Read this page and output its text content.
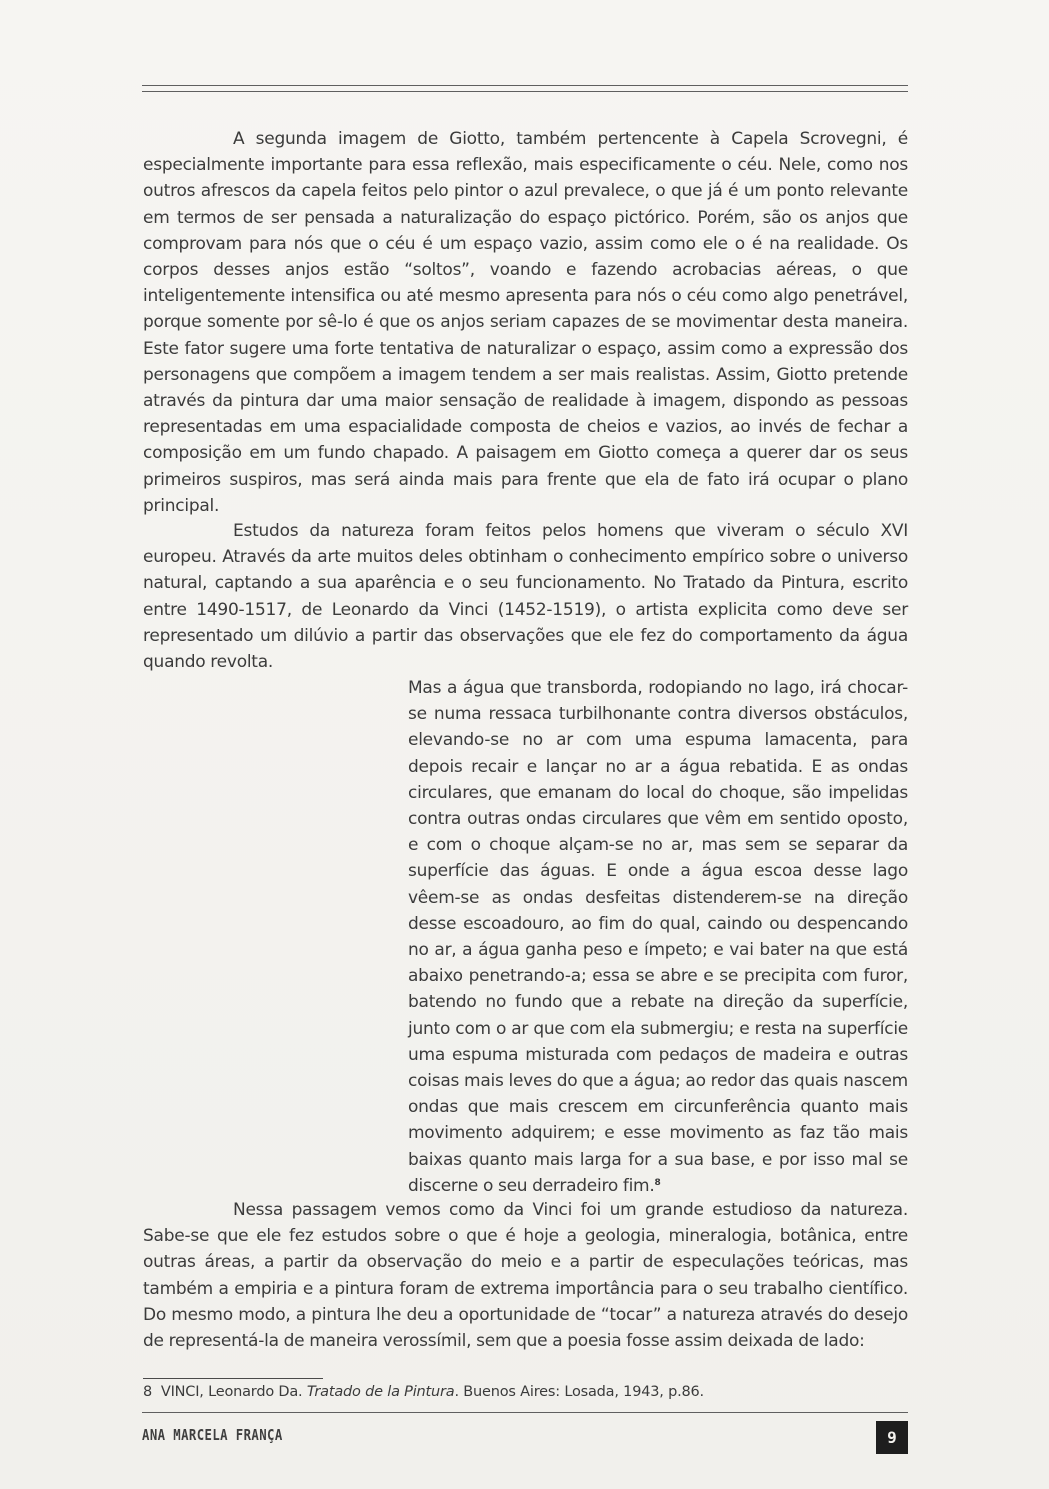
A segunda imagem de Giotto, também pertencente à Capela Scrovegni, é especialmente importante para essa reflexão, mais especificamente o céu. Nele, como nos outros afrescos da capela feitos pelo pintor o azul prevalece, o que já é um ponto relevante em termos de ser pensada a naturalização do espaço pictórico. Porém, são os anjos que comprovam para nós que o céu é um espaço vazio, assim como ele o é na realidade. Os corpos desses anjos estão “soltos”, voando e fazendo acrobacias aéreas, o que inteligentemente intensifica ou até mesmo apresenta para nós o céu como algo penetrável, porque somente por sê-lo é que os anjos seriam capazes de se movimentar desta maneira. Este fator sugere uma forte tentativa de naturalizar o espaço, assim como a expressão dos personagens que compõem a imagem tendem a ser mais realistas. Assim, Giotto pretende através da pintura dar uma maior sensação de realidade à imagem, dispondo as pessoas representadas em uma espacialidade composta de cheios e vazios, ao invés de fechar a composição em um fundo chapado. A paisagem em Giotto começa a querer dar os seus primeiros suspiros, mas será ainda mais para frente que ela de fato irá ocupar o plano principal.

Estudos da natureza foram feitos pelos homens que viveram o século XVI europeu. Através da arte muitos deles obtinham o conhecimento empírico sobre o universo natural, captando a sua aparência e o seu funcionamento. No Tratado da Pintura, escrito entre 1490-1517, de Leonardo da Vinci (1452-1519), o artista explicita como deve ser representado um dilúvio a partir das observações que ele fez do comportamento da água quando revolta.

Mas a água que transborda, rodopiando no lago, irá chocar-se numa ressaca turbilhonante contra diversos obstáculos, elevando-se no ar com uma espuma lamacenta, para depois recair e lançar no ar a água rebatida. E as ondas circulares, que emanam do local do choque, são impelidas contra outras ondas circulares que vêm em sentido oposto, e com o choque alçam-se no ar, mas sem se separar da superfície das águas. E onde a água escoa desse lago vêem-se as ondas desfeitas distenderem-se na direção desse escoadouro, ao fim do qual, caindo ou despencando no ar, a água ganha peso e ímpeto; e vai bater na que está abaixo penetrando-a; essa se abre e se precipita com furor, batendo no fundo que a rebate na direção da superfície, junto com o ar que com ela submergiu; e resta na superfície uma espuma misturada com pedaços de madeira e outras coisas mais leves do que a água; ao redor das quais nascem ondas que mais crescem em circunferência quanto mais movimento adquirem; e esse movimento as faz tão mais baixas quanto mais larga for a sua base, e por isso mal se discerne o seu derradeiro fim.$^8$

Nessa passagem vemos como da Vinci foi um grande estudioso da natureza. Sabe-se que ele fez estudos sobre o que é hoje a geologia, mineralogia, botânica, entre outras áreas, a partir da observação do meio e a partir de especulações teóricas, mas também a empiria e a pintura foram de extrema importância para o seu trabalho científico. Do mesmo modo, a pintura lhe deu a oportunidade de “tocar” a natureza através do desejo de representá-la de maneira verossímil, sem que a poesia fosse assim deixada de lado:

8 VINCI, Leonardo Da. Tratado de la Pintura. Buenos Aires: Losada, 1943, p.86.
ANA MARCELA FRANÇA	9
